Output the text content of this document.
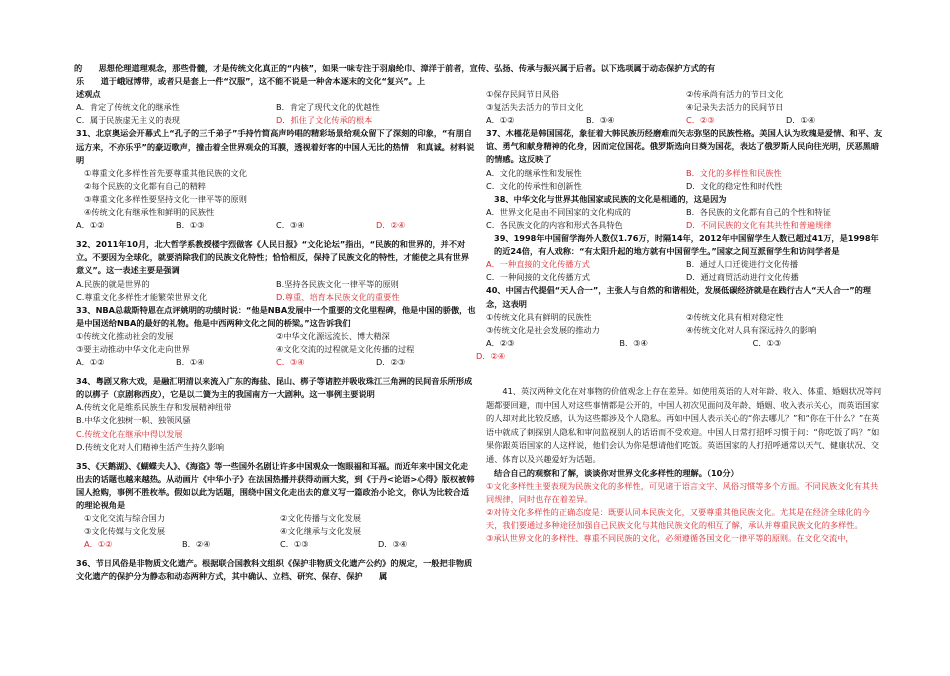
的　　思想伦理道理观念，那些骨髓，才是传统文化真正的“内核”，如果一味专注于羽扇纶巾、漳洋于前者，宣传、弘扬、传承与振兴属于后者。以下选项属于动态保护方式的有

乐　　道于峨冠博带，或者只是套上一件“汉服”，这不能不说是一种舍本逐末的文化“复兴”。上

述观点

A．肯定了传统文化的继承性	B．肯定了现代文化的优越性
C．属于民族虚无主义的表现	D．抓住了文化传承的根本

31、北京奥运会开幕式上“孔子的三千弟子”手持竹简高声吟唱的精彩场景给观众留下了深刻的印象，“有朋自远方来，不亦乐乎”的豪迈歌声，撞击着全世界观众的耳膜，透视着好客的中国人无比的热情　和真诚。材料说明

①尊重文化多样性首先要尊重其他民族的文化

②每个民族的文化都有自己的精粹

③尊重文化多样性要坚持文化一律平等的原则

④传统文化有继承性和鲜明的民族性

A．①②	B．①③	C．③④	D．②④

32、2011年10月，北大哲学系教授楼宇烈做客《人民日报》“文化论坛”指出，“民族的和世界的，并不对立。不要因为全球化，就要消除我们的民族文化特性；恰恰相反，保持了民族文化的特性，才能使之具有世界意义”。这一表述主要是强调

A.民族的就是世界的	B.坚持各民族文化一律平等的原则
C.尊重文化多样性才能繁荣世界文化	D.尊重、培育本民族文化的重要性

33、NBA总裁斯特恩在点评姚明的功绩时说：“他是NBA发展中一个重要的文化里程碑，他是中国的骄傲，也是中国送给NBA的最好的礼物。他是中西两种文化之间的桥梁。”这告诉我们

①传统文化推动社会的发展	②中华文化源远流长、博大精深
③要主动推动中华文化走向世界	④文化交流的过程就是文化传播的过程
A．①②	B．①④	C．③④	D．②③

34、粤剧又称大戏，是融汇明清以来流入广东的海盐、昆山、梆子等诸腔并吸收珠江三角洲的民间音乐所形成的以梆子（京剧称西皮），它是以二簧为主的我国南方一大剧种。这一事例主要说明

A.传统文化是维系民族生存和发展精神纽带

B.中华文化独树一帜、独领风骚

C.传统文化在继承中得以发展

D.传统文化对人们精神生活产生持久影响

35、《天鹅湖》、《蝴蝶夫人》、《海盗》等一些国外名剧让许多中国观众一饱眼福和耳福。而近年来中国文化走出去的话题也越来越热。从动画片《中华小子》在法国热播并获得动画大奖，到《于丹<论语>心得》版权被韩国人抢购，事例不胜枚举。假如以此为话题，围绕中国文化走出去的意义写一篇政治小论文，你认为比较合适的理论视角是

①文化交流与综合国力	②文化传播与文化发展
③文化传媒与文化发展	④文化继承与文化发展
A．①②	B．②④	C．①③	D．③④

36、节日风俗是非物质文化遗产。根据联合国教科文组织《保护非物质文化遗产公约》的规定，一般把非物质文化遗产的保护分为静态和动态两种方式，其中确认、立档、研究、保存、保护　　属

①保存民间节日风俗	②传承尚有活力的节日文化
③复活失去活力的节日文化	④记录失去活力的民间节日
A．①②	B．③④	C．②③	D．①④

37、木槿花是韩国国花，象征着大韩民族历经磨难而矢志弥坚的民族性格。美国人认为玫瑰是爱情、和平、友谊、勇气和献身精神的化身，因而定位国花。俄罗斯选向日葵为国花，表达了俄罗斯人民向往光明，厌恶黑暗的情感。这反映了

A．文化的继承性和发展性	B．文化的多样性和民族性
C．文化的传承性和创新性	D．文化的稳定性和时代性

38、中华文化与世界其他国家或民族的文化是相通的，这是因为

A．世界文化是由不同国家的文化构成的	B．各民族的文化都有自己的个性和特征
C．各民族文化的内容和形式各具特色	D．不同民族的文化有其共性和普遍规律

39、1998年中国留学海外人数仅1.76万，时隔14年，2012年中国留学生人数已超过41万，是1998年的近24倍，有人戏称：“有太阳升起的地方就有中国留学生。”国家之间互派留学生和访问学者是

A．一种直接的文化传播方式	B．通过人口迁徙进行文化传播
C．一种间接的文化传播方式	D．通过商贸活动进行文化传播

40、中国古代提倡“天人合一”，主张人与自然的和谐相处，发展低碳经济就是在践行古人“天人合一”的理念，这表明

①传统文化具有鲜明的民族性	②传统文化具有相对稳定性
③传统文化是社会发展的推动力	④传统文化对人具有深远持久的影响
A．②③	B．③④	C．①③

D．②④

41、英汉两种文化在对事物的价值观念上存在差异。如使用英语的人对年龄、收入、体重、婚姻状况等问题都要回避，而中国人对这些事情都是公开的，中国人初次见面问及年龄、婚姻、收入表示关心，而英语国家的人却对此比较反感，认为这些都涉及个人隐私。再如中国人表示关心的“你去哪儿？”和“你在干什么？”在英语中就成了刺探别人隐私和审问监视别人的话语而不受欢迎。中国人日常打招呼习惯于问：“你吃饭了吗？”如果你跟英语国家的人这样说，他们会认为你是想请他们吃饭。英语国家的人打招呼通常以天气、健康状况、交通、体育以及兴趣爱好为话题。

结合自己的观察和了解，谈谈你对世界文化多样性的理解。（10分）

①文化多样性主要表现为民族文化的多样性，可见诸于语言文字、风俗习惯等多个方面。不同民族文化有其共同规律，同时也存在着差异。

②对待文化多样性的正确态度是：既要认同本民族文化，又要尊重其他民族文化。尤其是在经济全球化的今天，我们要通过多种途径加强自己民族文化与其他民族文化的相互了解，承认并尊重民族文化的多样性。

③承认世界文化的多样性、尊重不同民族的文化，必须遵循各国文化一律平等的原则。在文化交流中，
